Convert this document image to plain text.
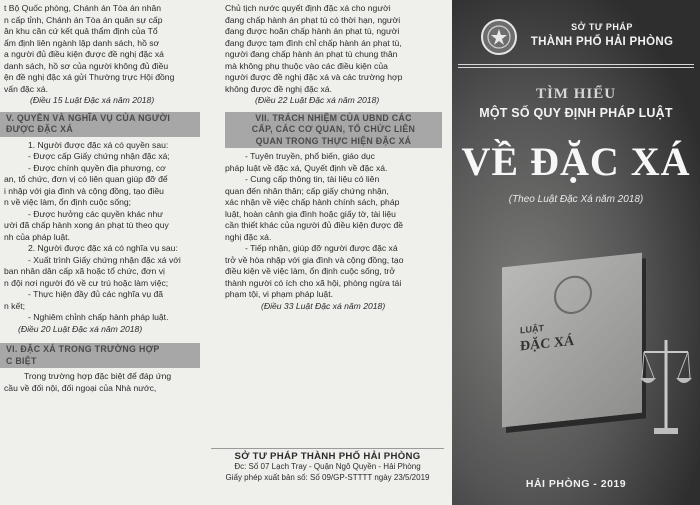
t Bộ Quốc phòng, Chánh án Tòa án nhân
n cấp tỉnh, Chánh án Tòa án quân sự cấp
ân khu căn cứ kết quả thẩm định của Tổ
ẩm định liên ngành lập danh sách, hồ sơ
a người đủ điều kiện được đề nghị đặc xá
danh sách, hồ sơ của người không đủ điều
ện đề nghị đặc xá gửi Thường trực Hội đồng
vấn đặc xá.
(Điều 15 Luật Đặc xá năm 2018)
V. QUYỀN VÀ NGHĨA VỤ CỦA NGƯỜI
ĐƯỢC ĐẶC XÁ
1. Người được đặc xá có quyền sau:
- Được cấp Giấy chứng nhận đặc xá;
- Được chính quyền địa phương, cơ
an, tổ chức, đơn vị có liên quan giúp đỡ để
i nhập với gia đình và cộng đồng, tạo điều
n về việc làm, ổn định cuộc sống;
- Được hưởng các quyền khác như
ười đã chấp hành xong án phạt tù theo quy
nh của pháp luật.
2. Người được đặc xá có nghĩa vụ sau:
- Xuất trình Giấy chứng nhận đặc xá với
ban nhân dân cấp xã hoặc tổ chức, đơn vị
n đội nơi người đó về cư trú hoặc làm việc;
- Thực hiện đầy đủ các nghĩa vụ đã
n kết;
- Nghiêm chỉnh chấp hành pháp luật.
(Điều 20 Luật Đặc xá năm 2018)
VI. ĐẶC XÁ TRONG TRƯỜNG HỢP
C BIỆT
Trong trường hợp đặc biệt để đáp ứng
cầu về đối nội, đối ngoại của Nhà nước,
Chủ tịch nước quyết định đặc xá cho người
đang chấp hành án phạt tù có thời hạn, người
đang được hoãn chấp hành án phạt tù, người
đang được tạm đình chỉ chấp hành án phạt tù,
người đang chấp hành án phạt tù chung thân
mà không phụ thuộc vào các điều kiện của
người được đề nghị đặc xá và các trường hợp
không được đề nghị đặc xá.
(Điều 22 Luật Đặc xá năm 2018)
VII. TRÁCH NHIỆM CỦA UBND CÁC
CẤP, CÁC CƠ QUAN, TỔ CHỨC LIÊN
QUAN TRONG THỰC HIỆN ĐẶC XÁ
- Tuyên truyền, phổ biến, giáo dục
pháp luật về đặc xá, Quyết định về đặc xá.
- Cung cấp thông tin, tài liệu có liên
quan đến nhân thân; cấp giấy chứng nhận,
xác nhận về việc chấp hành chính sách, pháp
luật, hoàn cảnh gia đình hoặc giấy tờ, tài liệu
cần thiết khác của người đủ điều kiện được đề
nghị đặc xá.
- Tiếp nhận, giúp đỡ người được đặc xá
trở về hòa nhập với gia đình và cộng đồng, tạo
điều kiện về việc làm, ổn định cuộc sống, trở
thành người có ích cho xã hội, phòng ngừa tái
phạm tội, vi phạm pháp luật.
(Điều 33 Luật Đặc xá năm 2018)
SỞ TƯ PHÁP THÀNH PHỐ HẢI PHÒNG
Đc: Số 07 Lạch Tray - Quận Ngô Quyền - Hải Phòng
Giấy phép xuất bản số: Số 09/GP-STTTT ngày 23/5/2019
SỞ TƯ PHÁP
THÀNH PHỐ HẢI PHÒNG
TÌM HIỂU
MỘT SỐ QUY ĐỊNH PHÁP LUẬT
VỀ ĐẶC XÁ
(Theo Luật Đặc Xá năm 2018)
LUẬT
ĐẶC XÁ
HẢI PHÒNG - 2019
